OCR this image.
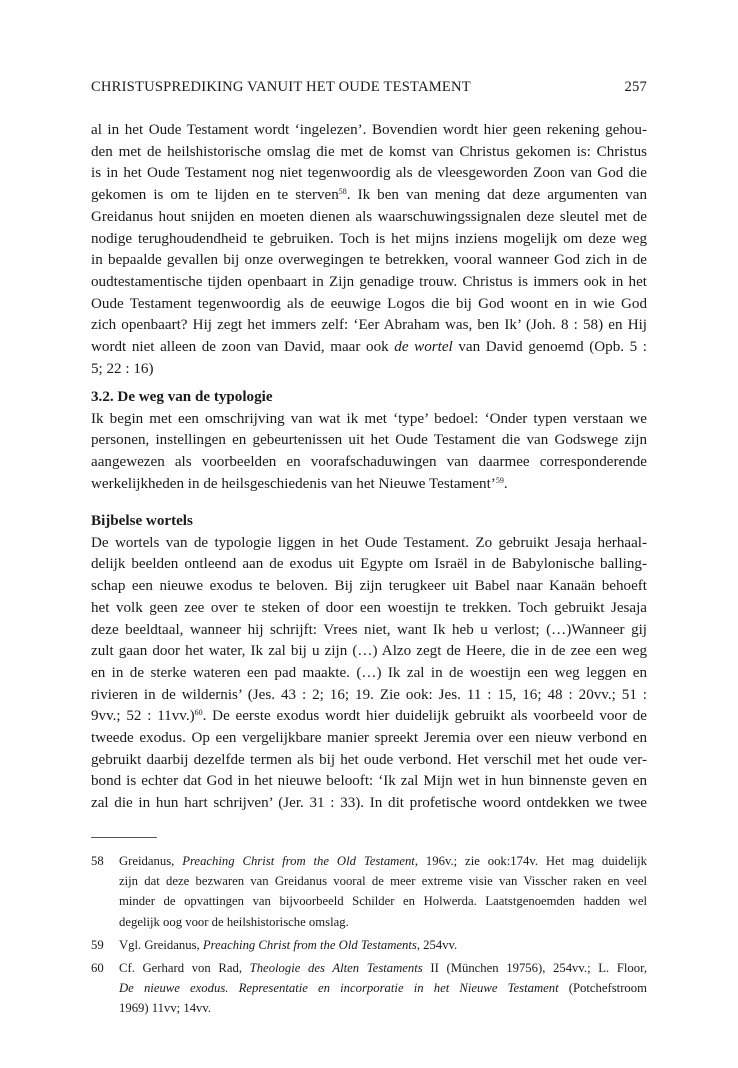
CHRISTUSPREDIKING VANUIT HET OUDE TESTAMENT	257

al in het Oude Testament wordt ‘ingelezen’. Bovendien wordt hier geen rekening gehou-
den met de heilshistorische omslag die met de komst van Christus gekomen is: Christus
is in het Oude Testament nog niet tegenwoordig als de vleesgeworden Zoon van God die
gekomen is om te lijden en te sterven$^{58}$. Ik ben van mening dat deze argumenten van
Greidanus hout snijden en moeten dienen als waarschuwingssignalen deze sleutel met de
nodige terughoudendheid te gebruiken. Toch is het mijns inziens mogelijk om deze weg
in bepaalde gevallen bij onze overwegingen te betrekken, vooral wanneer God zich in de
oudtestamentische tijden openbaart in Zijn genadige trouw. Christus is immers ook in het
Oude Testament tegenwoordig als de eeuwige Logos die bij God woont en in wie God
zich openbaart? Hij zegt het immers zelf: ‘Eer Abraham was, ben Ik’ (Joh. 8 : 58) en Hij
wordt niet alleen de zoon van David, maar ook de wortel van David genoemd (Opb. 5 :
5; 22 : 16)

3.2. De weg van de typologie

Ik begin met een omschrijving van wat ik met ‘type’ bedoel: ‘Onder typen verstaan we
personen, instellingen en gebeurtenissen uit het Oude Testament die van Godswege zijn
aangewezen als voorbeelden en voorafschaduwingen van daarmee corresponderende
werkelijkheden in de heilsgeschiedenis van het Nieuwe Testament’$^{59}$.

Bijbelse wortels

De wortels van de typologie liggen in het Oude Testament. Zo gebruikt Jesaja herhaal-
delijk beelden ontleend aan de exodus uit Egypte om Israël in de Babylonische balling-
schap een nieuwe exodus te beloven. Bij zijn terugkeer uit Babel naar Kanaän behoeft
het volk geen zee over te steken of door een woestijn te trekken. Toch gebruikt Jesaja
deze beeldtaal, wanneer hij schrijft: Vrees niet, want Ik heb u verlost; (…)Wanneer gij
zult gaan door het water, Ik zal bij u zijn (…) Alzo zegt de Heere, die in de zee een weg
en in de sterke wateren een pad maakte. (…) Ik zal in de woestijn een weg leggen en
rivieren in de wildernis’ (Jes. 43 : 2; 16; 19. Zie ook: Jes. 11 : 15, 16; 48 : 20vv.; 51 :
9vv.; 52 : 11vv.)$^{60}$. De eerste exodus wordt hier duidelijk gebruikt als voorbeeld voor de
tweede exodus. Op een vergelijkbare manier spreekt Jeremia over een nieuw verbond en
gebruikt daarbij dezelfde termen als bij het oude verbond. Het verschil met het oude ver-
bond is echter dat God in het nieuwe belooft: ‘Ik zal Mijn wet in hun binnenste geven en
zal die in hun hart schrijven’ (Jer. 31 : 33). In dit profetische woord ontdekken we twee

58 Greidanus, Preaching Christ from the Old Testament, 196v.; zie ook:174v. Het mag duidelijk
zijn dat deze bezwaren van Greidanus vooral de meer extreme visie van Visscher raken en veel
minder de opvattingen van bijvoorbeeld Schilder en Holwerda. Laatstgenoemden hadden wel
degelijk oog voor de heilshistorische omslag.
59 Vgl. Greidanus, Preaching Christ from the Old Testaments, 254vv.
60 Cf. Gerhard von Rad, Theologie des Alten Testaments II (München 19756), 254vv.; L. Floor,
De nieuwe exodus. Representatie en incorporatie in het Nieuwe Testament (Potchefstroom
1969) 11vv; 14vv.
